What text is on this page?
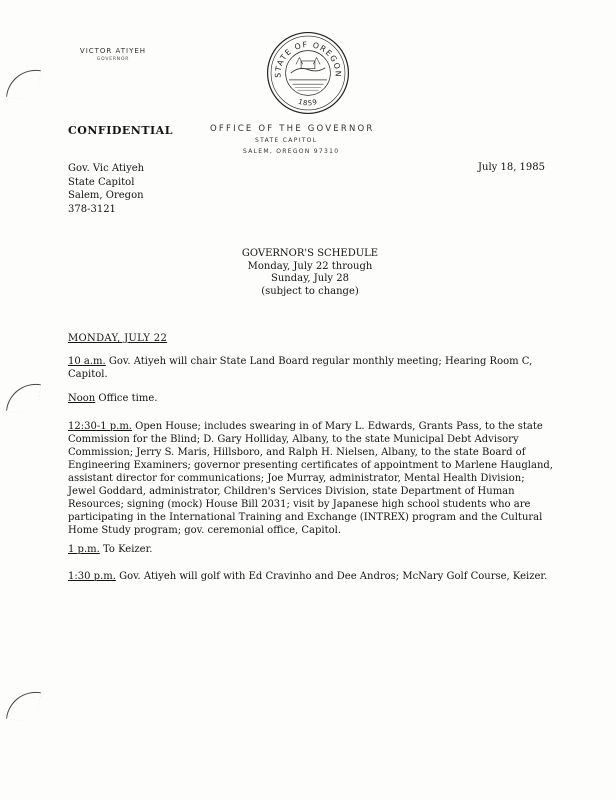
VICTOR ATIYEH
GOVERNOR
STATE OF OREGON
1859
CONFIDENTIAL	OFFICE OF THE GOVERNOR
STATE CAPITOL
SALEM, OREGON 97310
Gov. Vic Atiyeh
State Capitol
Salem, Oregon
378-3121
July 18, 1985
GOVERNOR'S SCHEDULE
Monday, July 22 through
Sunday, July 28
(subject to change)
MONDAY, JULY 22
10 a.m. Gov. Atiyeh will chair State Land Board regular monthly meeting; Hearing Room C,
Capitol.
Noon Office time.
12:30-1 p.m. Open House; includes swearing in of Mary L. Edwards, Grants Pass, to the state
Commission for the Blind; D. Gary Holliday, Albany, to the state Municipal Debt Advisory
Commission; Jerry S. Maris, Hillsboro, and Ralph H. Nielsen, Albany, to the state Board of
Engineering Examiners; governor presenting certificates of appointment to Marlene Haugland,
assistant director for communications; Joe Murray, administrator, Mental Health Division;
Jewel Goddard, administrator, Children's Services Division, state Department of Human
Resources; signing (mock) House Bill 2031; visit by Japanese high school students who are
participating in the International Training and Exchange (INTREX) program and the Cultural
Home Study program; gov. ceremonial office, Capitol.
1 p.m. To Keizer.
1:30 p.m. Gov. Atiyeh will golf with Ed Cravinho and Dee Andros; McNary Golf Course, Keizer.
